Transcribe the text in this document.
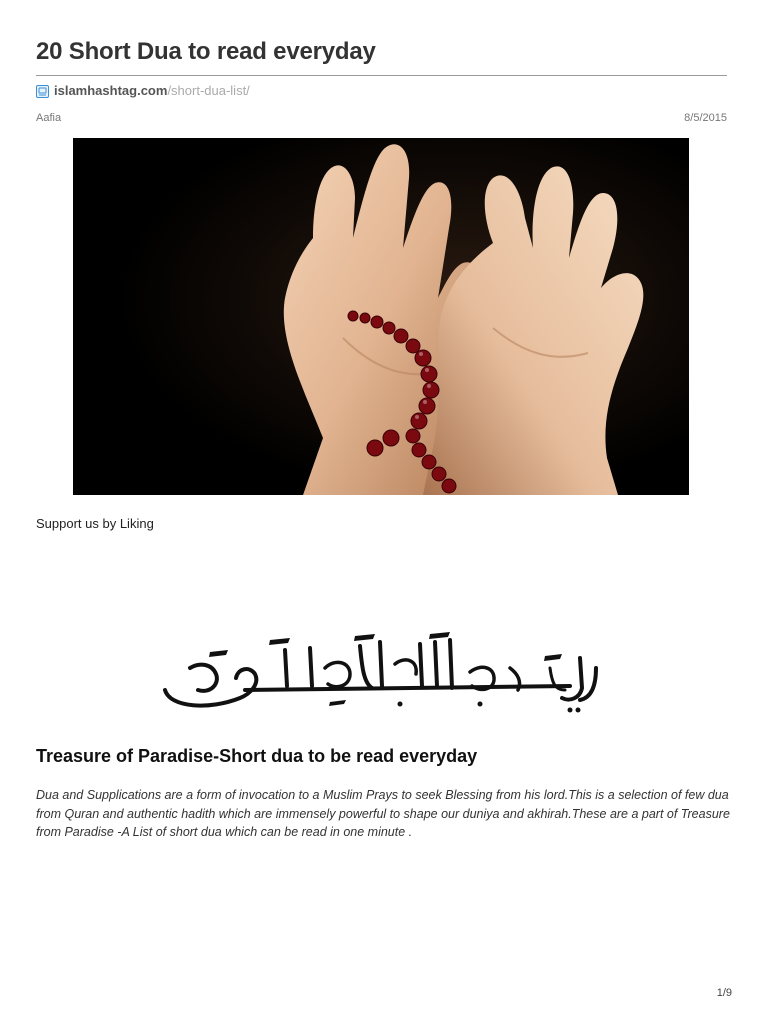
20 Short Dua to read everyday
islamhashtag.com /short-dua-list/
Aafia	8/5/2015
Support us by Liking
Treasure of Paradise-Short dua to be read everyday

Dua and Supplications are a form of invocation to a Muslim Prays to seek Blessing from his lord.This is a selection of few dua from Quran and authentic hadith which are immensely powerful to shape our duniya and akhirah.These are a part of Treasure from Paradise -A List of short dua which can be read in one minute .

1/9
